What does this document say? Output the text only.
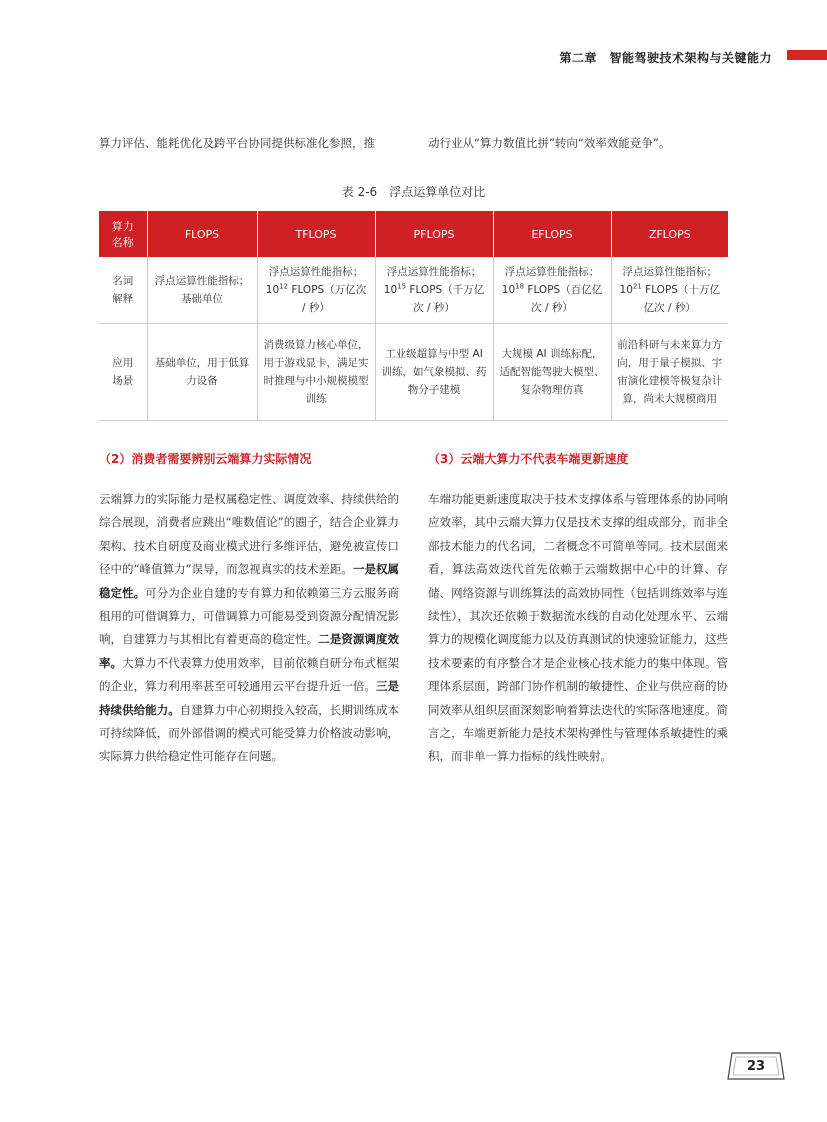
第二章　智能驾驶技术架构与关键能力
算力评估、能耗优化及跨平台协同提供标准化参照，推	动行业从“算力数值比拼”转向“效率效能竞争”。
表 2-6　浮点运算单位对比
算力
名称	FLOPS	TFLOPS	PFLOPS	EFLOPS	ZFLOPS

名词
解释	浮点运算性能指标；基础单位	浮点运算性能指标；$10^{12}$ FLOPS（万亿次 / 秒）	浮点运算性能指标；$10^{15}$ FLOPS（千万亿次 / 秒）	浮点运算性能指标；$10^{18}$ FLOPS（百亿亿次 / 秒）	浮点运算性能指标；$10^{21}$ FLOPS（十万亿亿次 / 秒）

应用
场景	基础单位，用于低算力设备	消费级算力核心单位，用于游戏显卡，满足实时推理与中小规模模型训练	工业级超算与中型 AI 训练，如气象模拟、药物分子建模	大规模 AI 训练标配，适配智能驾驶大模型、复杂物理仿真	前沿科研与未来算力方向，用于量子模拟、宇宙演化建模等极复杂计算，尚未大规模商用
（2）消费者需要辨别云端算力实际情况	（3）云端大算力不代表车端更新速度
云端算力的实际能力是权属稳定性、调度效率、持续供给的综合展现，消费者应跳出“唯数值论”的圈子，结合企业算力架构、技术自研度及商业模式进行多维评估，避免被宣传口径中的“峰值算力”误导，而忽视真实的技术差距。一是权属稳定性。可分为企业自建的专有算力和依赖第三方云服务商租用的可借调算力，可借调算力可能易受到资源分配情况影响，自建算力与其相比有着更高的稳定性。二是资源调度效率。大算力不代表算力使用效率，目前依赖自研分布式框架的企业，算力利用率甚至可较通用云平台提升近一倍。三是持续供给能力。自建算力中心初期投入较高，长期训练成本可持续降低，而外部借调的模式可能受算力价格波动影响，实际算力供给稳定性可能存在问题。
车端功能更新速度取决于技术支撑体系与管理体系的协同响应效率，其中云端大算力仅是技术支撑的组成部分，而非全部技术能力的代名词，二者概念不可简单等同。技术层面来看，算法高效迭代首先依赖于云端数据中心中的计算、存储、网络资源与训练算法的高效协同性（包括训练效率与连续性），其次还依赖于数据流水线的自动化处理水平、云端算力的规模化调度能力以及仿真测试的快速验证能力，这些技术要素的有序整合才是企业核心技术能力的集中体现。管理体系层面，跨部门协作机制的敏捷性、企业与供应商的协同效率从组织层面深刻影响着算法迭代的实际落地速度。简言之，车端更新能力是技术架构弹性与管理体系敏捷性的乘积，而非单一算力指标的线性映射。
23
